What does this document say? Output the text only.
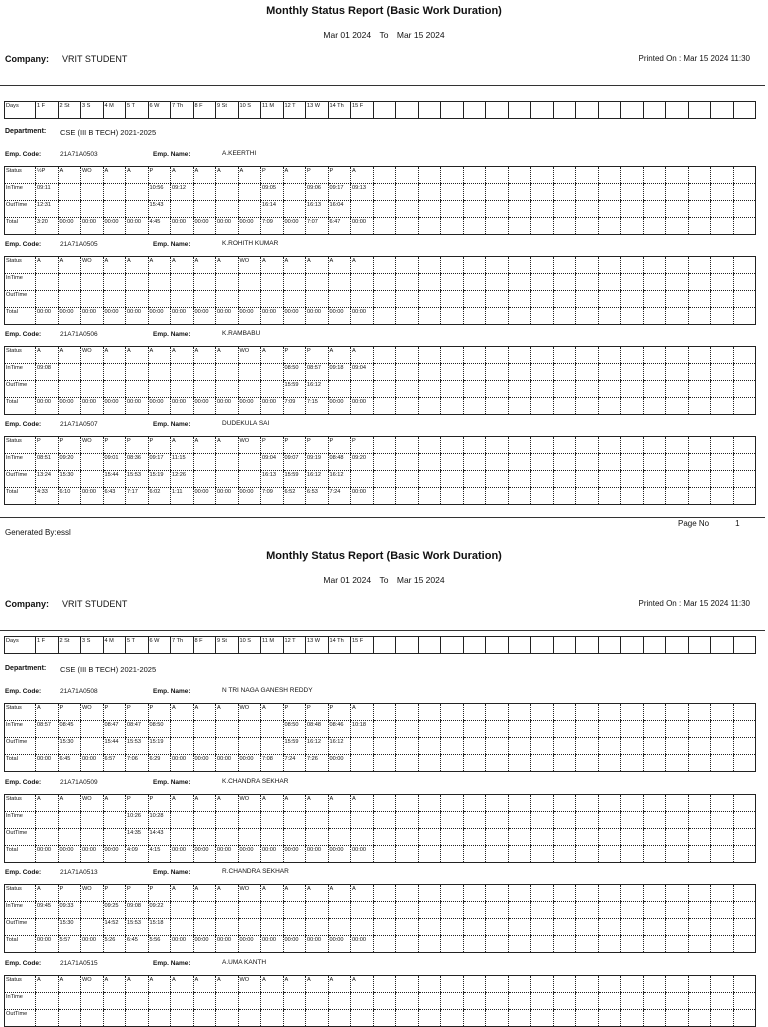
Monthly Status Report (Basic Work Duration)
Mar 01 2024 To Mar 15 2024
Company: VRIT STUDENT	Printed On : Mar 15 2024 11:30
Days	1 F	2 St	3 S	4 M	5 T	6 W	7 Th	8 F	9 St	10 S	11 M	12 T	13 W	14 Th	15 F																	
Department: CSE (III B TECH) 2021-2025
Emp. Code:	21A71A0503	Emp. Name:	A.KEERTHI
Status	½P	A	WO	A	A	P	A	A	A	A	P	A	P	P	A																	
InTime	09:11					10:56	09:12				09:05		09:06	09:17	09:13																	
OutTime	12:31					15:43					16:14		16:13	16:04																		
Total	3:20	00:00	00:00	00:00	00:00	4:45	00:00	00:00	00:00	00:00	7:09	00:00	7:07	6:47	00:00																	
Emp. Code:	21A71A0505	Emp. Name:	K.ROHITH KUMAR
Status	A	A	WO	A	A	A	A	A	A	WO	A	A	A	A	A																	
InTime																																
OutTime																																
Total	00:00	00:00	00:00	00:00	00:00	00:00	00:00	00:00	00:00	00:00	00:00	00:00	00:00	00:00	00:00																	
Emp. Code:	21A71A0506	Emp. Name:	K.RAMBABU
Status	A	A	WO	A	A	A	A	A	A	WO	A	P	P	A	A																	
InTime	09:08											08:50	08:57	09:18	09:04																	
OutTime												15:59	16:12																			
Total	00:00	00:00	00:00	00:00	00:00	00:00	00:00	00:00	00:00	00:00	00:00	7:09	7:15	00:00	00:00																	
Emp. Code:	21A71A0507	Emp. Name:	DUDEKULA SAI
Status	P	P	WO	P	P	P	A	A	A	WO	P	P	P	P	P																	
InTime	08:51	09:20		09:01	08:36	09:17	11:15				09:04	09:07	09:19	08:48	09:20																	
OutTime	13:24	15:30		15:44	15:53	15:19	12:26				16:13	15:59	16:12	16:12																		
Total	4:33	6:10	00:00	6:43	7:17	6:02	1:11	00:00	00:00	00:00	7:09	6:52	6:53	7:24	00:00																	
Generated By:essl
Page No	1
Monthly Status Report (Basic Work Duration)
Mar 01 2024 To Mar 15 2024
Company: VRIT STUDENT	Printed On : Mar 15 2024 11:30
Days	1 F	2 St	3 S	4 M	5 T	6 W	7 Th	8 F	9 St	10 S	11 M	12 T	13 W	14 Th	15 F																	
Department: CSE (III B TECH) 2021-2025
Emp. Code:	21A71A0508	Emp. Name:	N TRI NAGA GANESH REDDY
Status	A	P	WO	P	P	P	A	A	A	WO	A	P	P	P	A																	
InTime	08:57	08:45		08:47	08:47	08:50						08:50	08:48	08:46	10:18																	
OutTime		15:30		15:44	15:53	15:19						15:59	16:12	16:12																		
Total	00:00	6:45	00:00	6:57	7:06	6:29	00:00	00:00	00:00	00:00	7:08	7:24	7:26	00:00																		
Emp. Code:	21A71A0509	Emp. Name:	K.CHANDRA SEKHAR
Status	A	A	WO	A	P	P	A	A	A	WO	A	A	A	A	A																	
InTime					10:26	10:28																										
OutTime					14:35	14:43																										
Total	00:00	00:00	00:00	00:00	4:09	4:15	00:00	00:00	00:00	00:00	00:00	00:00	00:00	00:00	00:00																	
Emp. Code:	21A71A0513	Emp. Name:	R.CHANDRA SEKHAR
Status	A	P	WO	P	P	P	A	A	A	WO	A	A	A	A	A																	
InTime	09:45	09:33		09:25	09:08	09:22																										
OutTime		15:30		14:52	15:53	15:18																										
Total	00:00	5:57	00:00	5:26	6:45	5:56	00:00	00:00	00:00	00:00	00:00	00:00	00:00	00:00	00:00																	
Emp. Code:	21A71A0515	Emp. Name:	A.UMA KANTH
Status	A	A	WO	A	A	A	A	A	A	WO	A	A	A	A	A																	
InTime																																
OutTime																																
